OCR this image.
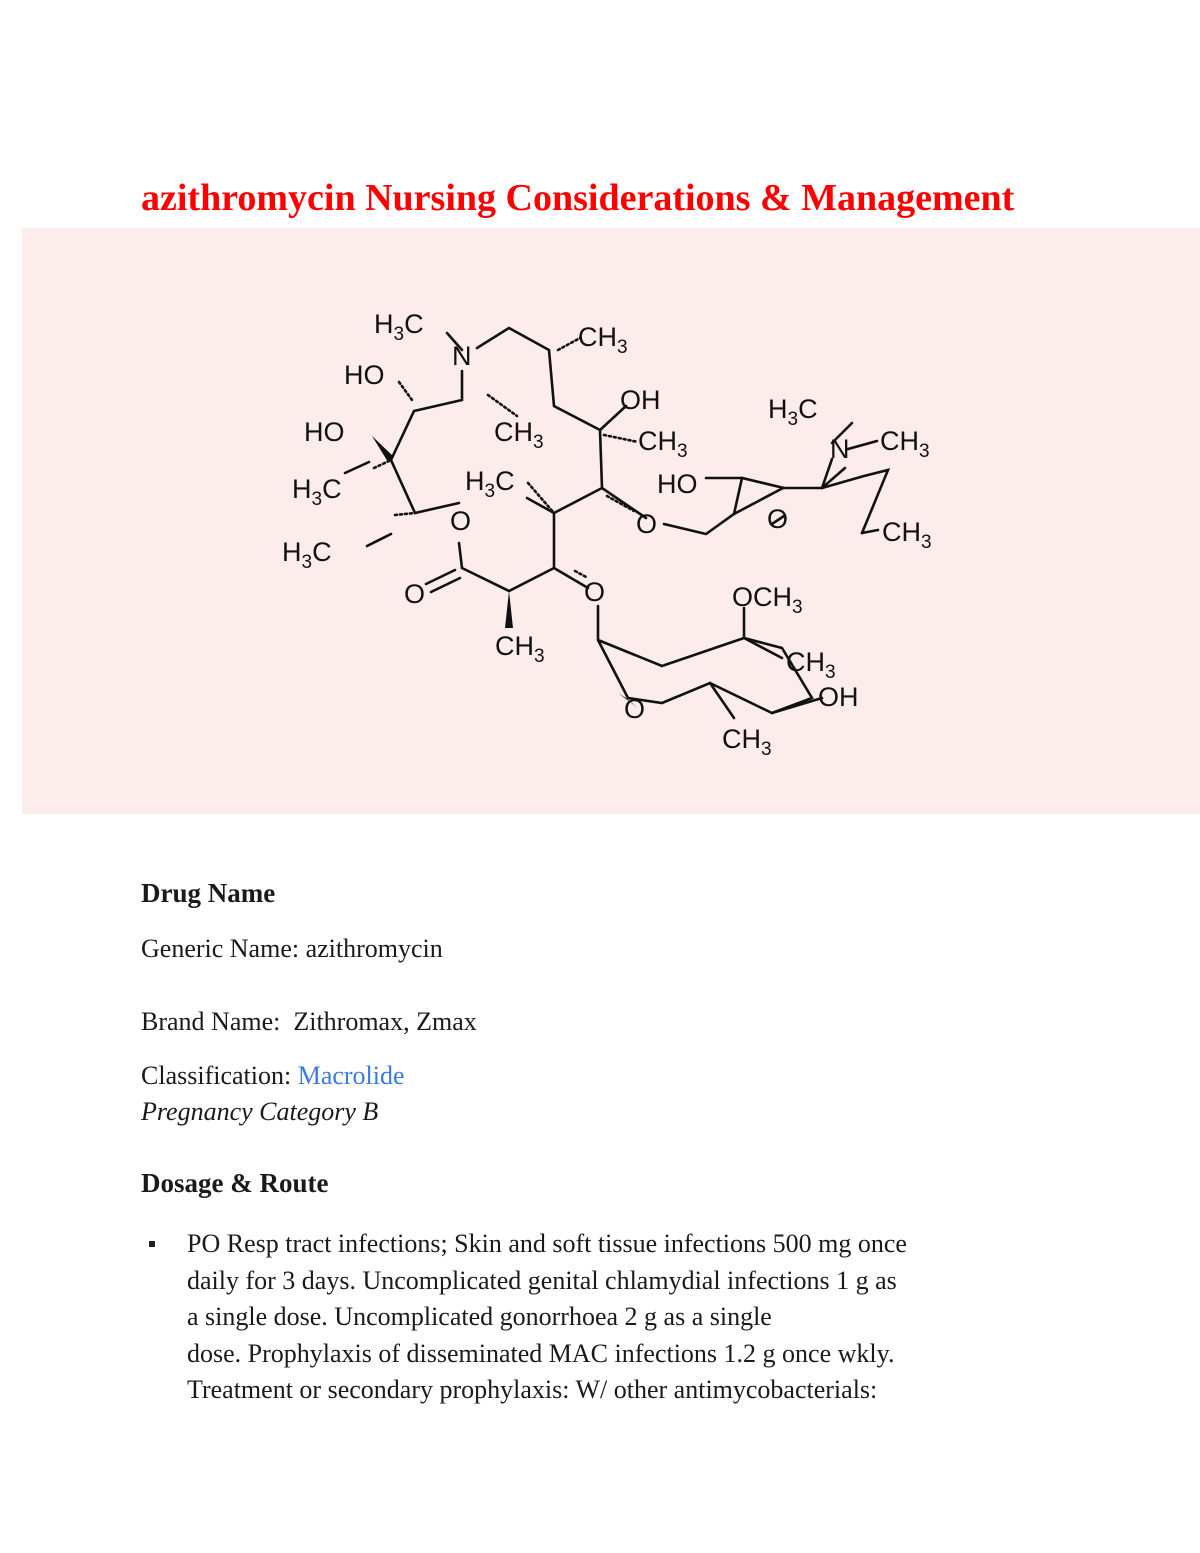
azithromycin Nursing Considerations & Management
$H_3C$
N
$CH_3$
HO
OH
$CH_3$
HO	$CH_3$
$H_3C$	$H_3C$
$H_3C$
O
O
$CH_3$
O
O
$H_3C$
N $CH_3$
HO
O	$CH_3$
$OCH_3$
$CH_3$
OH
O
$CH_3$
Drug Name

Generic Name: azithromycin

Brand Name:  Zithromax, Zmax

Classification: Macrolide

Pregnancy Category B

Dosage & Route
PO Resp tract infections; Skin and soft tissue infections 500 mg once
daily for 3 days. Uncomplicated genital chlamydial infections 1 g as
a single dose. Uncomplicated gonorrhoea 2 g as a single
dose. Prophylaxis of disseminated MAC infections 1.2 g once wkly.
Treatment or secondary prophylaxis: W/ other antimycobacterials:
